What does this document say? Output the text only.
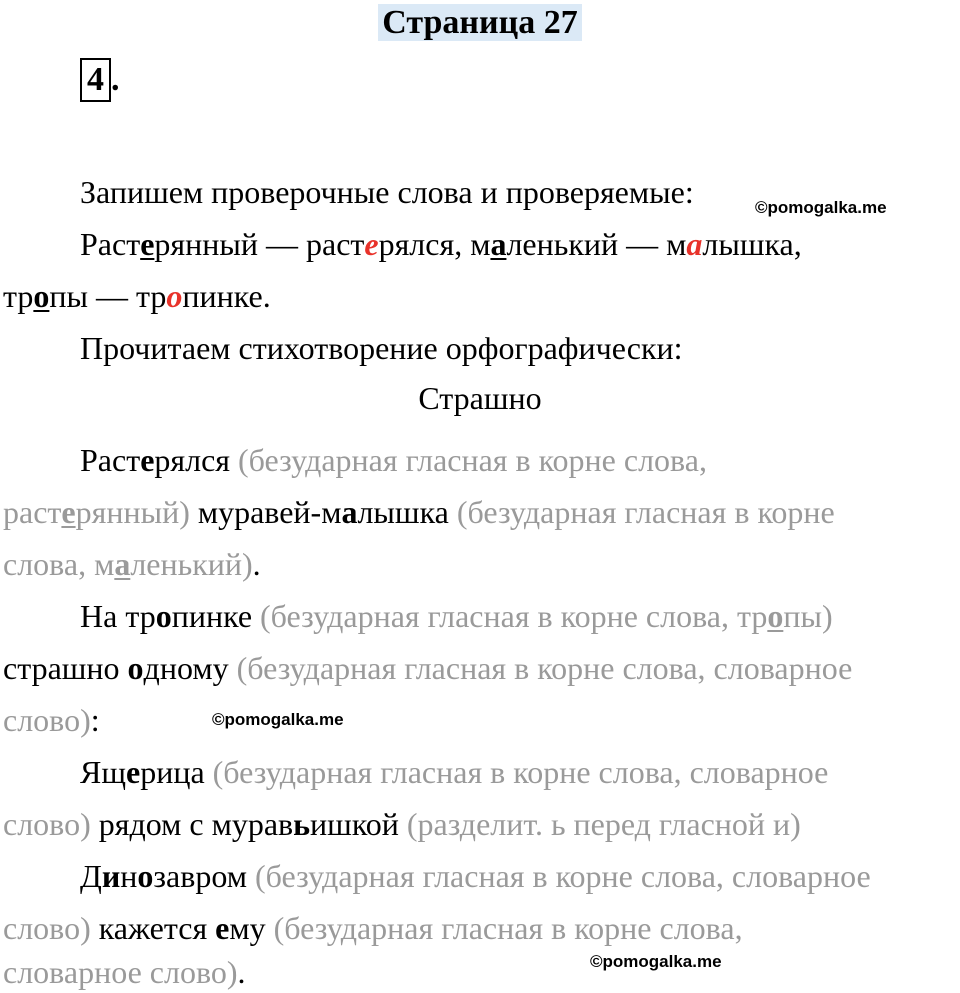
Страница 27
4 .
Запишем проверочные слова и проверяемые:	©pomogalka.me
Растерянный — растерялся, маленький — малышка,
тропы — тропинке.
Прочитаем стихотворение орфографически:
Страшно
Растерялся (безударная гласная в корне слова,
растерянный) муравей-малышка (безударная гласная в корне
слова, маленький).
На тропинке (безударная гласная в корне слова, тропы)
страшно одному (безударная гласная в корне слова, словарное
слово):	©pomogalka.me
Ящерица (безударная гласная в корне слова, словарное
слово) рядом с муравьишкой (разделит. ь перед гласной и)
Динозавром (безударная гласная в корне слова, словарное
слово) кажется ему (безударная гласная в корне слова,
словарное слово).	©pomogalka.me
